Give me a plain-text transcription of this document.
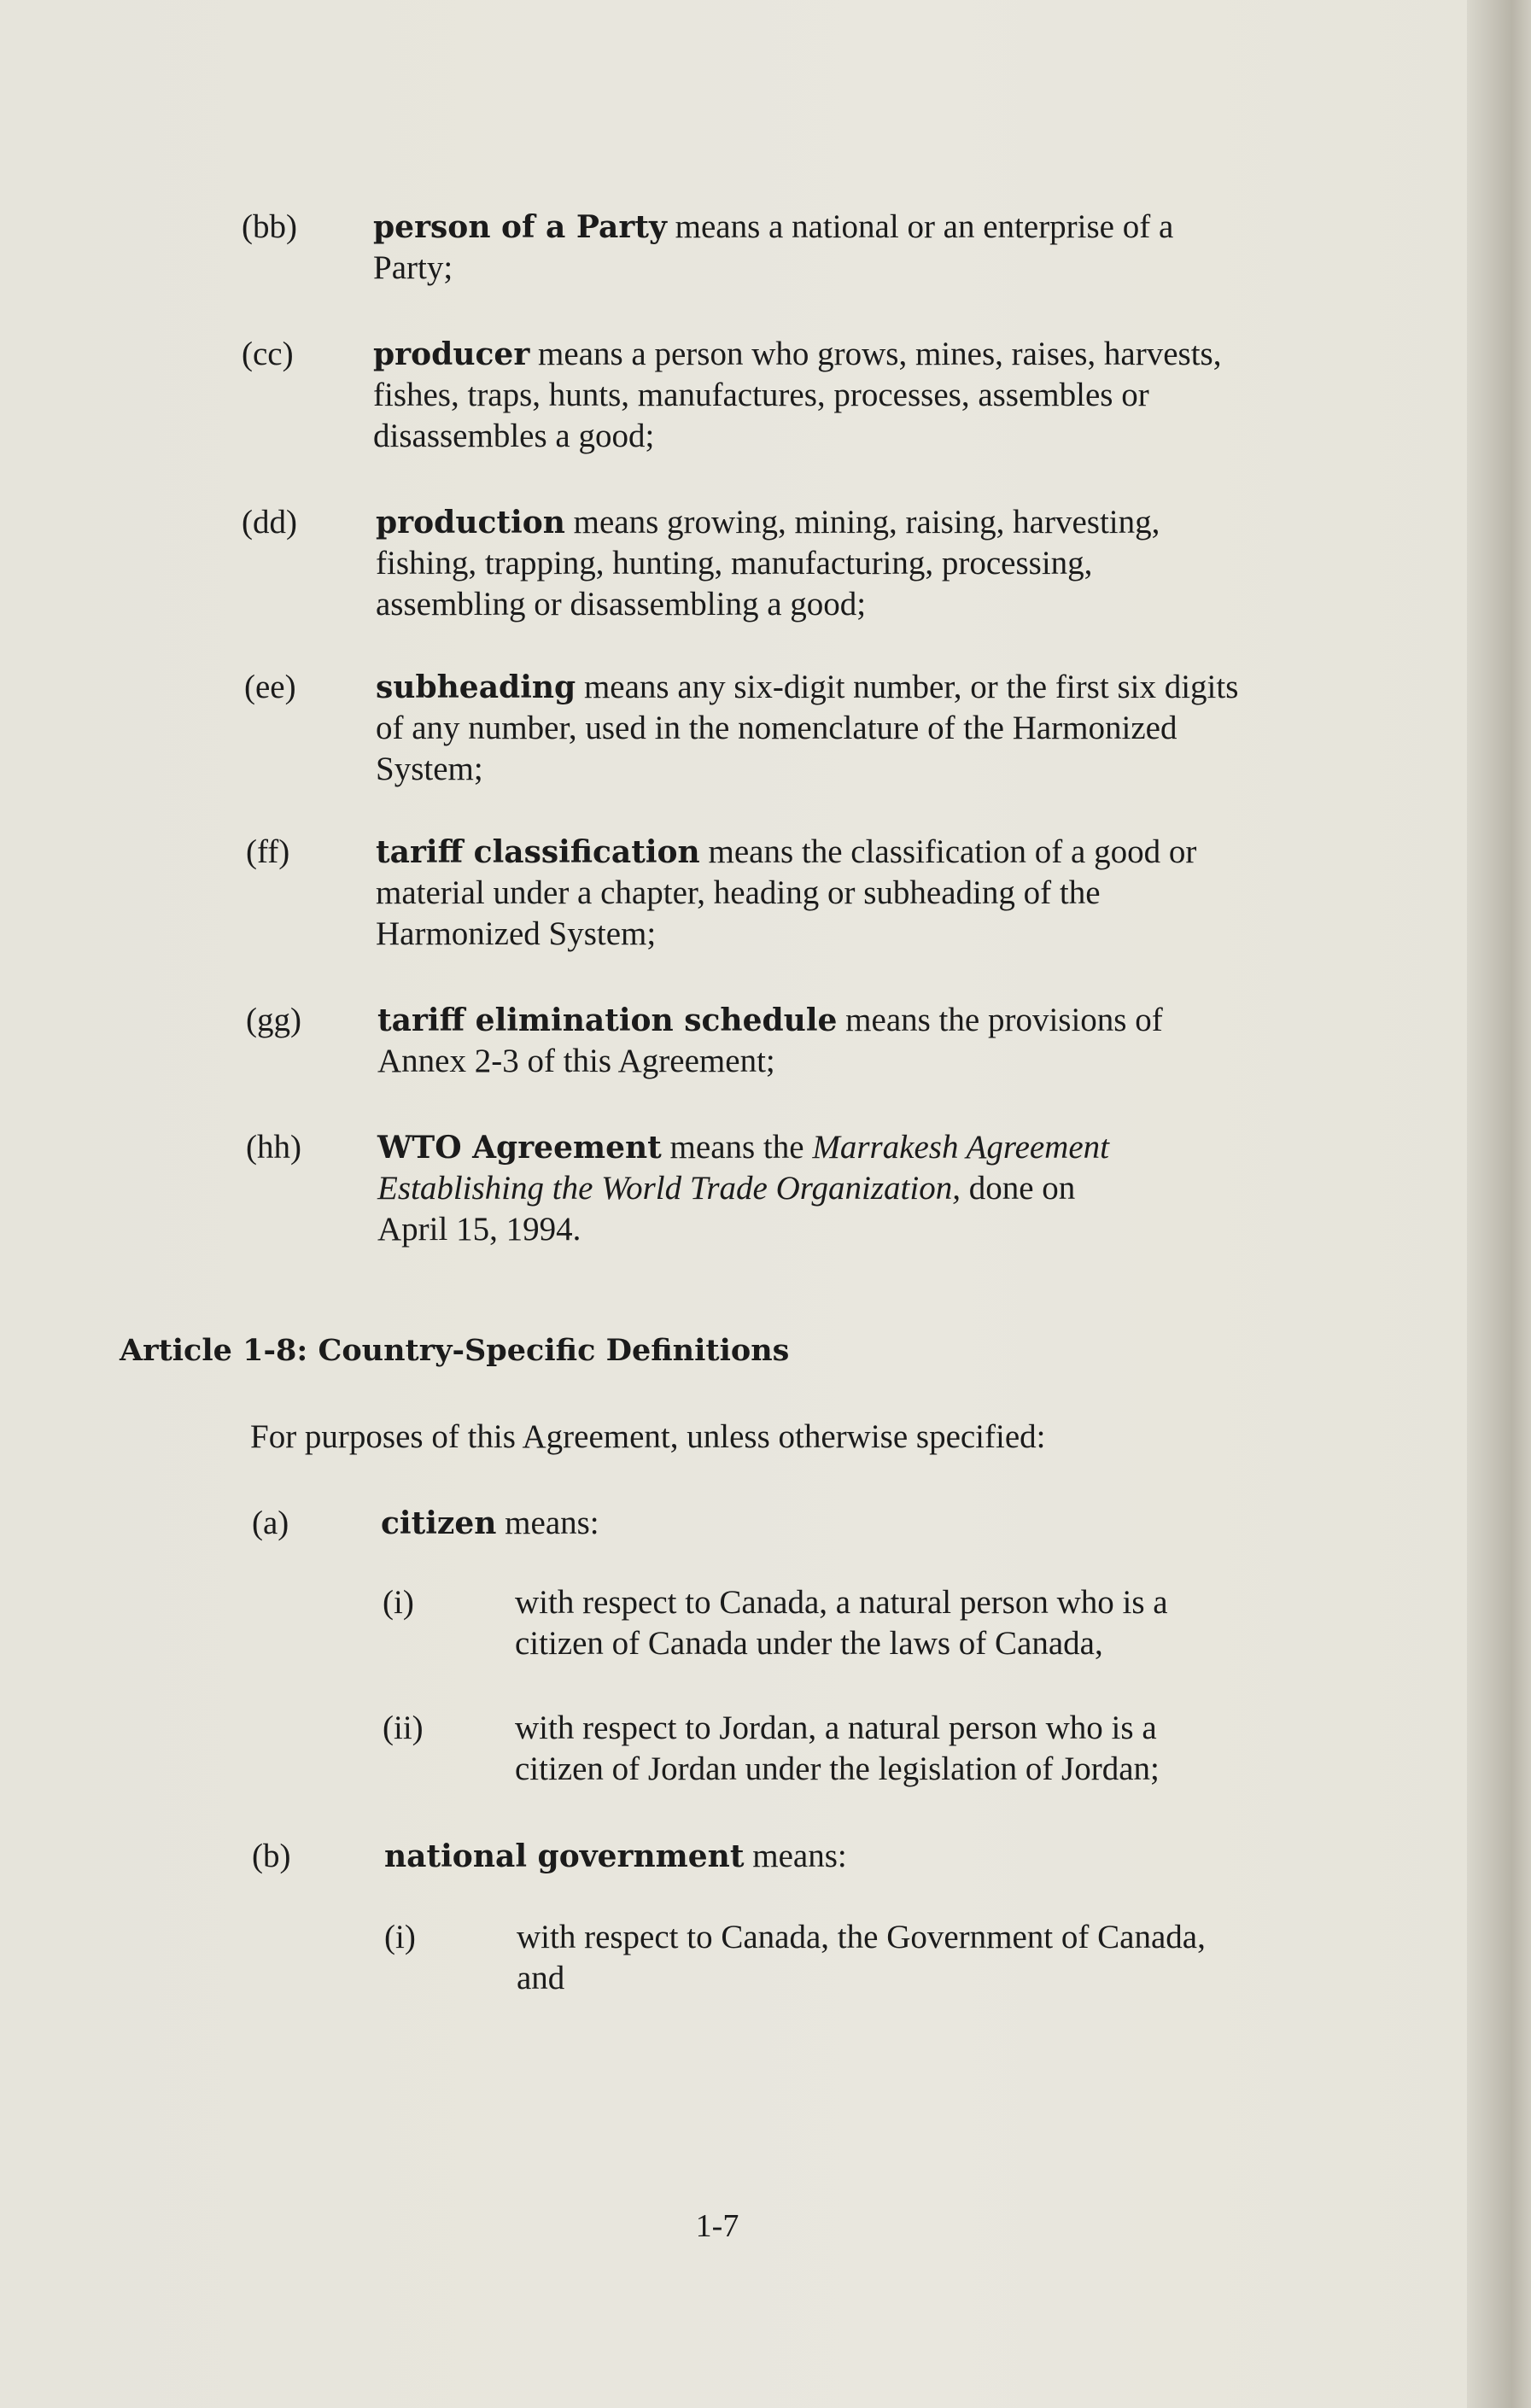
(bb) person of a Party means a national or an enterprise of a
Party;
(cc)	producer means a person who grows, mines, raises, harvests,
fishes, traps, hunts, manufactures, processes, assembles or
disassembles a good;
(dd)	production means growing, mining, raising, harvesting,
fishing, trapping, hunting, manufacturing, processing,
assembling or disassembling a good;
(ee)	subheading means any six-digit number, or the first six digits
of any number, used in the nomenclature of the Harmonized
System;
(ff)	tariff classification means the classification of a good or
material under a chapter, heading or subheading of the
Harmonized System;
(gg) tariff elimination schedule means the provisions of
Annex 2-3 of this Agreement;
(hh) WTO Agreement means the Marrakesh Agreement
Establishing the World Trade Organization, done on
April 15, 1994.
Article 1-8: Country-Specific Definitions
For purposes of this Agreement, unless otherwise specified:
(a)	citizen means:
(i)	with respect to Canada, a natural person who is a
citizen of Canada under the laws of Canada,
(ii)	with respect to Jordan, a natural person who is a
citizen of Jordan under the legislation of Jordan;
(b)	national government means:
(i)	with respect to Canada, the Government of Canada,
and
1-7
